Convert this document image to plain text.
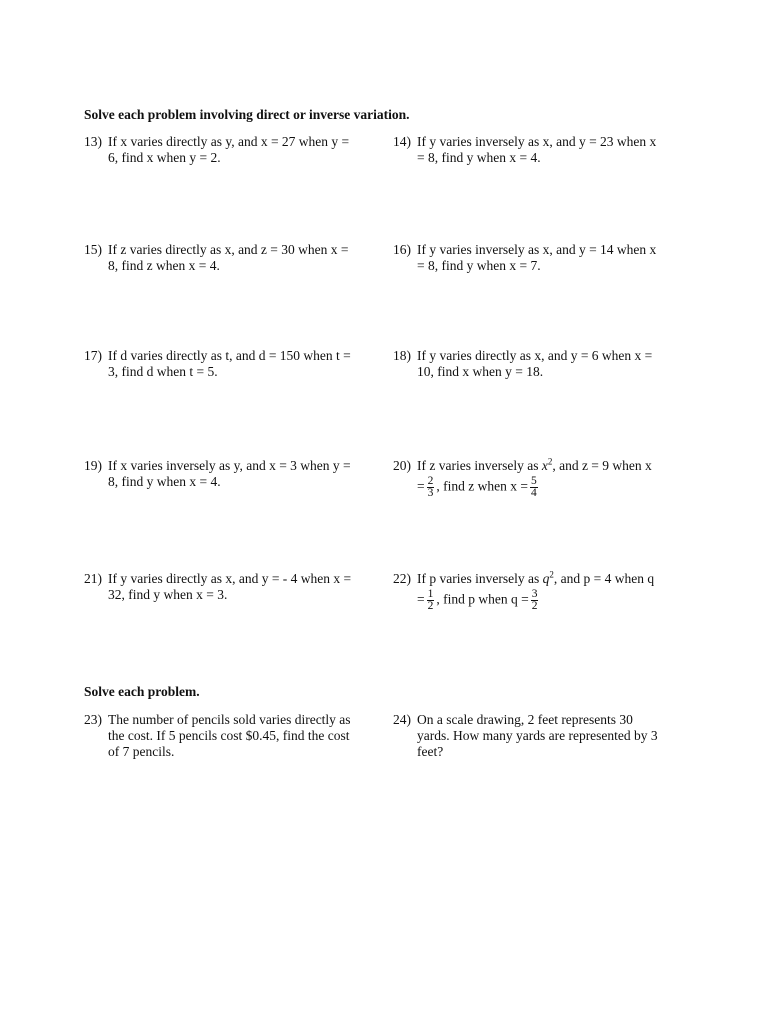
Solve each problem involving direct or inverse variation.
13) If x varies directly as y, and x = 27 when y =
6, find x when y = 2.
14) If y varies inversely as x, and y = 23 when x
= 8, find y when x = 4.
15) If z varies directly as x, and z = 30 when x =
8, find z when x = 4.
16) If y varies inversely as x, and y = 14 when x
= 8, find y when x = 7.
17) If d varies directly as t, and d = 150 when t =
3, find d when t = 5.
18) If y varies directly as x, and y = 6 when x =
10, find x when y = 18.
19) If x varies inversely as y, and x = 3 when y =
8, find y when x = 4.
20) If z varies inversely as $x^2$, and z = 9 when x
= $\frac{2}{3}$ , find z when $x = \frac{5}{4}$
21) If y varies directly as x, and y = - 4 when x =
32, find y when x = 3.
22) If p varies inversely as $q^2$, and p = 4 when q
= $\frac{1}{2}$ , find p when $q = \frac{3}{2}$
Solve each problem.
23) The number of pencils sold varies directly as
the cost. If 5 pencils cost $0.45, find the cost
of 7 pencils.
24) On a scale drawing, 2 feet represents 30
yards. How many yards are represented by 3
feet?
